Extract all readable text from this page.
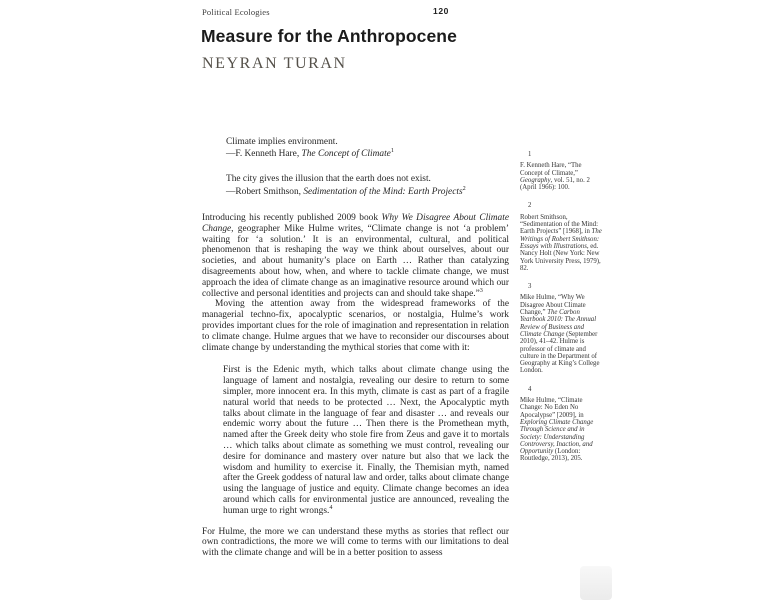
Political Ecologies	120
Measure for the Anthropocene
NEYRAN TURAN
Climate implies environment.
—F. Kenneth Hare, The Concept of Climate$^1$
The city gives the illusion that the earth does not exist.
—Robert Smithson, Sedimentation of the Mind: Earth Projects$^2$

Introducing his recently published 2009 book Why We Disagree About Climate Change, geographer Mike Hulme writes, “Climate change is not ‘a problem’ waiting for ‘a solution.’ It is an environmental, cultural, and political phenomenon that is reshaping the way we think about ourselves, about our societies, and about humanity’s place on Earth … Rather than catalyzing disagreements about how, when, and where to tackle climate change, we must approach the idea of climate change as an imaginative resource around which our collective and personal identities and projects can and should take shape.”$^3$

Moving the attention away from the widespread frameworks of the managerial techno-fix, apocalyptic scenarios, or nostalgia, Hulme’s work provides important clues for the role of imagination and representation in relation to climate change. Hulme argues that we have to reconsider our discourses about climate change by understanding the mythical stories that come with it:

First is the Edenic myth, which talks about climate change using the language of lament and nostalgia, revealing our desire to return to some simpler, more innocent era. In this myth, climate is cast as part of a fragile natural world that needs to be protected … Next, the Apocalyptic myth talks about climate in the language of fear and disaster … and reveals our endemic worry about the future … Then there is the Promethean myth, named after the Greek deity who stole fire from Zeus and gave it to mortals … which talks about climate as something we must control, revealing our desire for dominance and mastery over nature but also that we lack the wisdom and humility to exercise it. Finally, the Themisian myth, named after the Greek goddess of natural law and order, talks about climate change using the language of justice and equity. Climate change becomes an idea around which calls for environmental justice are announced, revealing the human urge to right wrongs.$^4$

For Hulme, the more we can understand these myths as stories that reflect our own contradictions, the more we will come to terms with our limitations to deal with the climate change and will be in a better position to assess

1
F. Kenneth Hare, “The Concept of Climate,” Geography, vol. 51, no. 2 (April 1966): 100.
2
Robert Smithson, “Sedimentation of the Mind: Earth Projects” [1968], in The Writings of Robert Smithson: Essays with Illustrations, ed. Nancy Holt (New York: New York University Press, 1979), 82.
3
Mike Hulme, “Why We Disagree About Climate Change,” The Carbon Yearbook 2010: The Annual Review of Business and Climate Change (September 2010), 41–42. Hulme is professor of climate and culture in the Department of Geography at King’s College London.
4
Mike Hulme, “Climate Change: No Eden No Apocalypse” [2009], in Exploring Climate Change Through Science and in Society: Understanding Controversy, Inaction, and Opportunity (London: Routledge, 2013), 205.
